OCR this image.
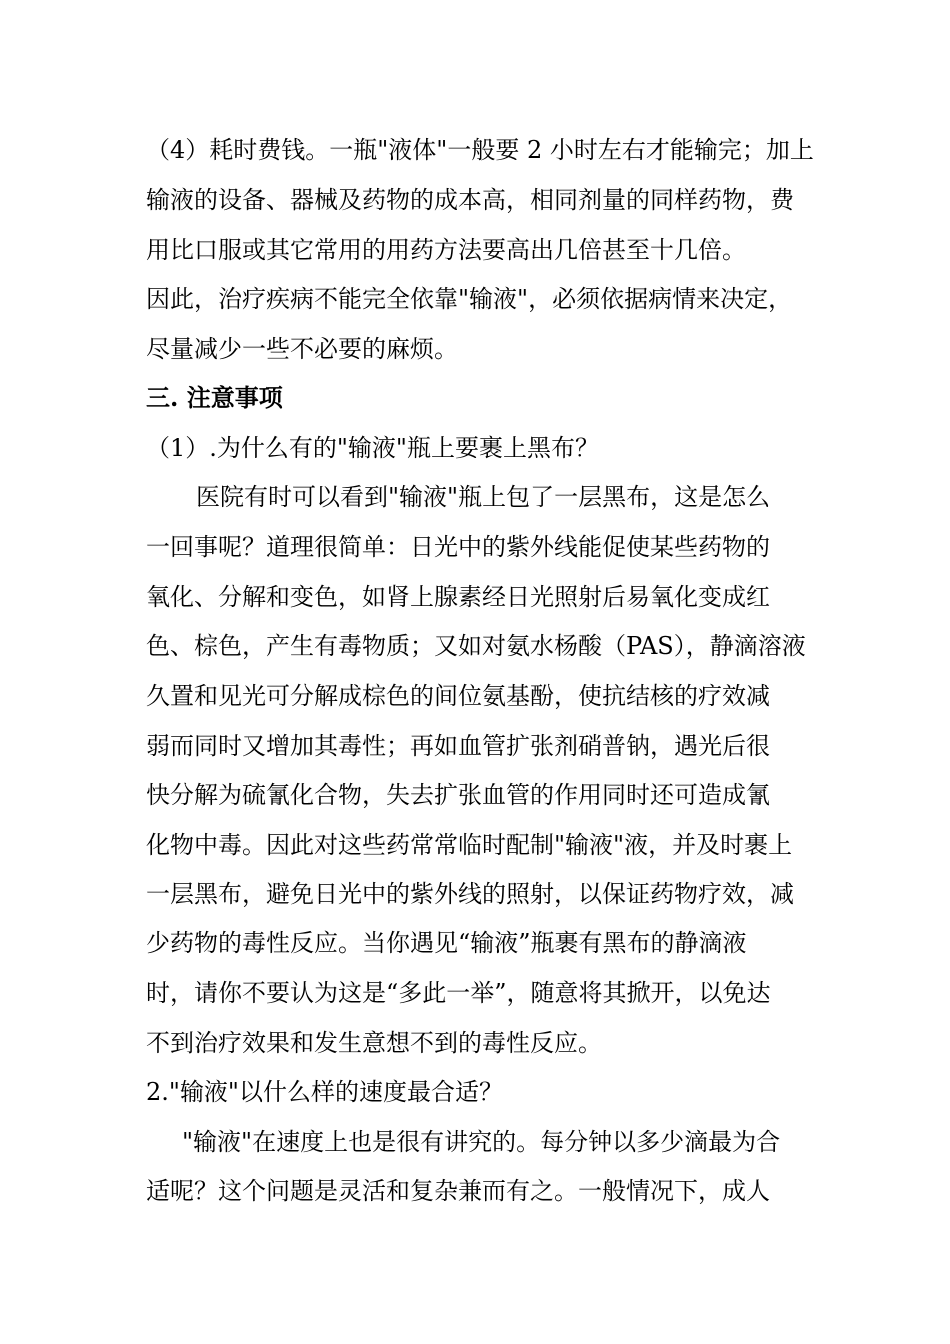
（4）耗时费钱。一瓶"液体"一般要 2 小时左右才能输完；加上
输液的设备、器械及药物的成本高，相同剂量的同样药物，费
用比口服或其它常用的用药方法要高出几倍甚至十几倍。
因此，治疗疾病不能完全依靠"输液"，必须依据病情来决定，
尽量减少一些不必要的麻烦。
三. 注意事项
（1）.为什么有的"输液"瓶上要裹上黑布？
医院有时可以看到"输液"瓶上包了一层黑布，这是怎么
一回事呢？道理很简单：日光中的紫外线能促使某些药物的
氧化、分解和变色，如肾上腺素经日光照射后易氧化变成红
色、棕色，产生有毒物质；又如对氨水杨酸（PAS），静滴溶液
久置和见光可分解成棕色的间位氨基酚，使抗结核的疗效减
弱而同时又增加其毒性；再如血管扩张剂硝普钠，遇光后很
快分解为硫氰化合物，失去扩张血管的作用同时还可造成氰
化物中毒。因此对这些药常常临时配制"输液"液，并及时裹上
一层黑布，避免日光中的紫外线的照射，以保证药物疗效，减
少药物的毒性反应。当你遇见“输液”瓶裹有黑布的静滴液
时，请你不要认为这是“多此一举”，随意将其掀开，以免达
不到治疗效果和发生意想不到的毒性反应。
2."输液"以什么样的速度最合适？
"输液"在速度上也是很有讲究的。每分钟以多少滴最为合
适呢？这个问题是灵活和复杂兼而有之。一般情况下，成人
